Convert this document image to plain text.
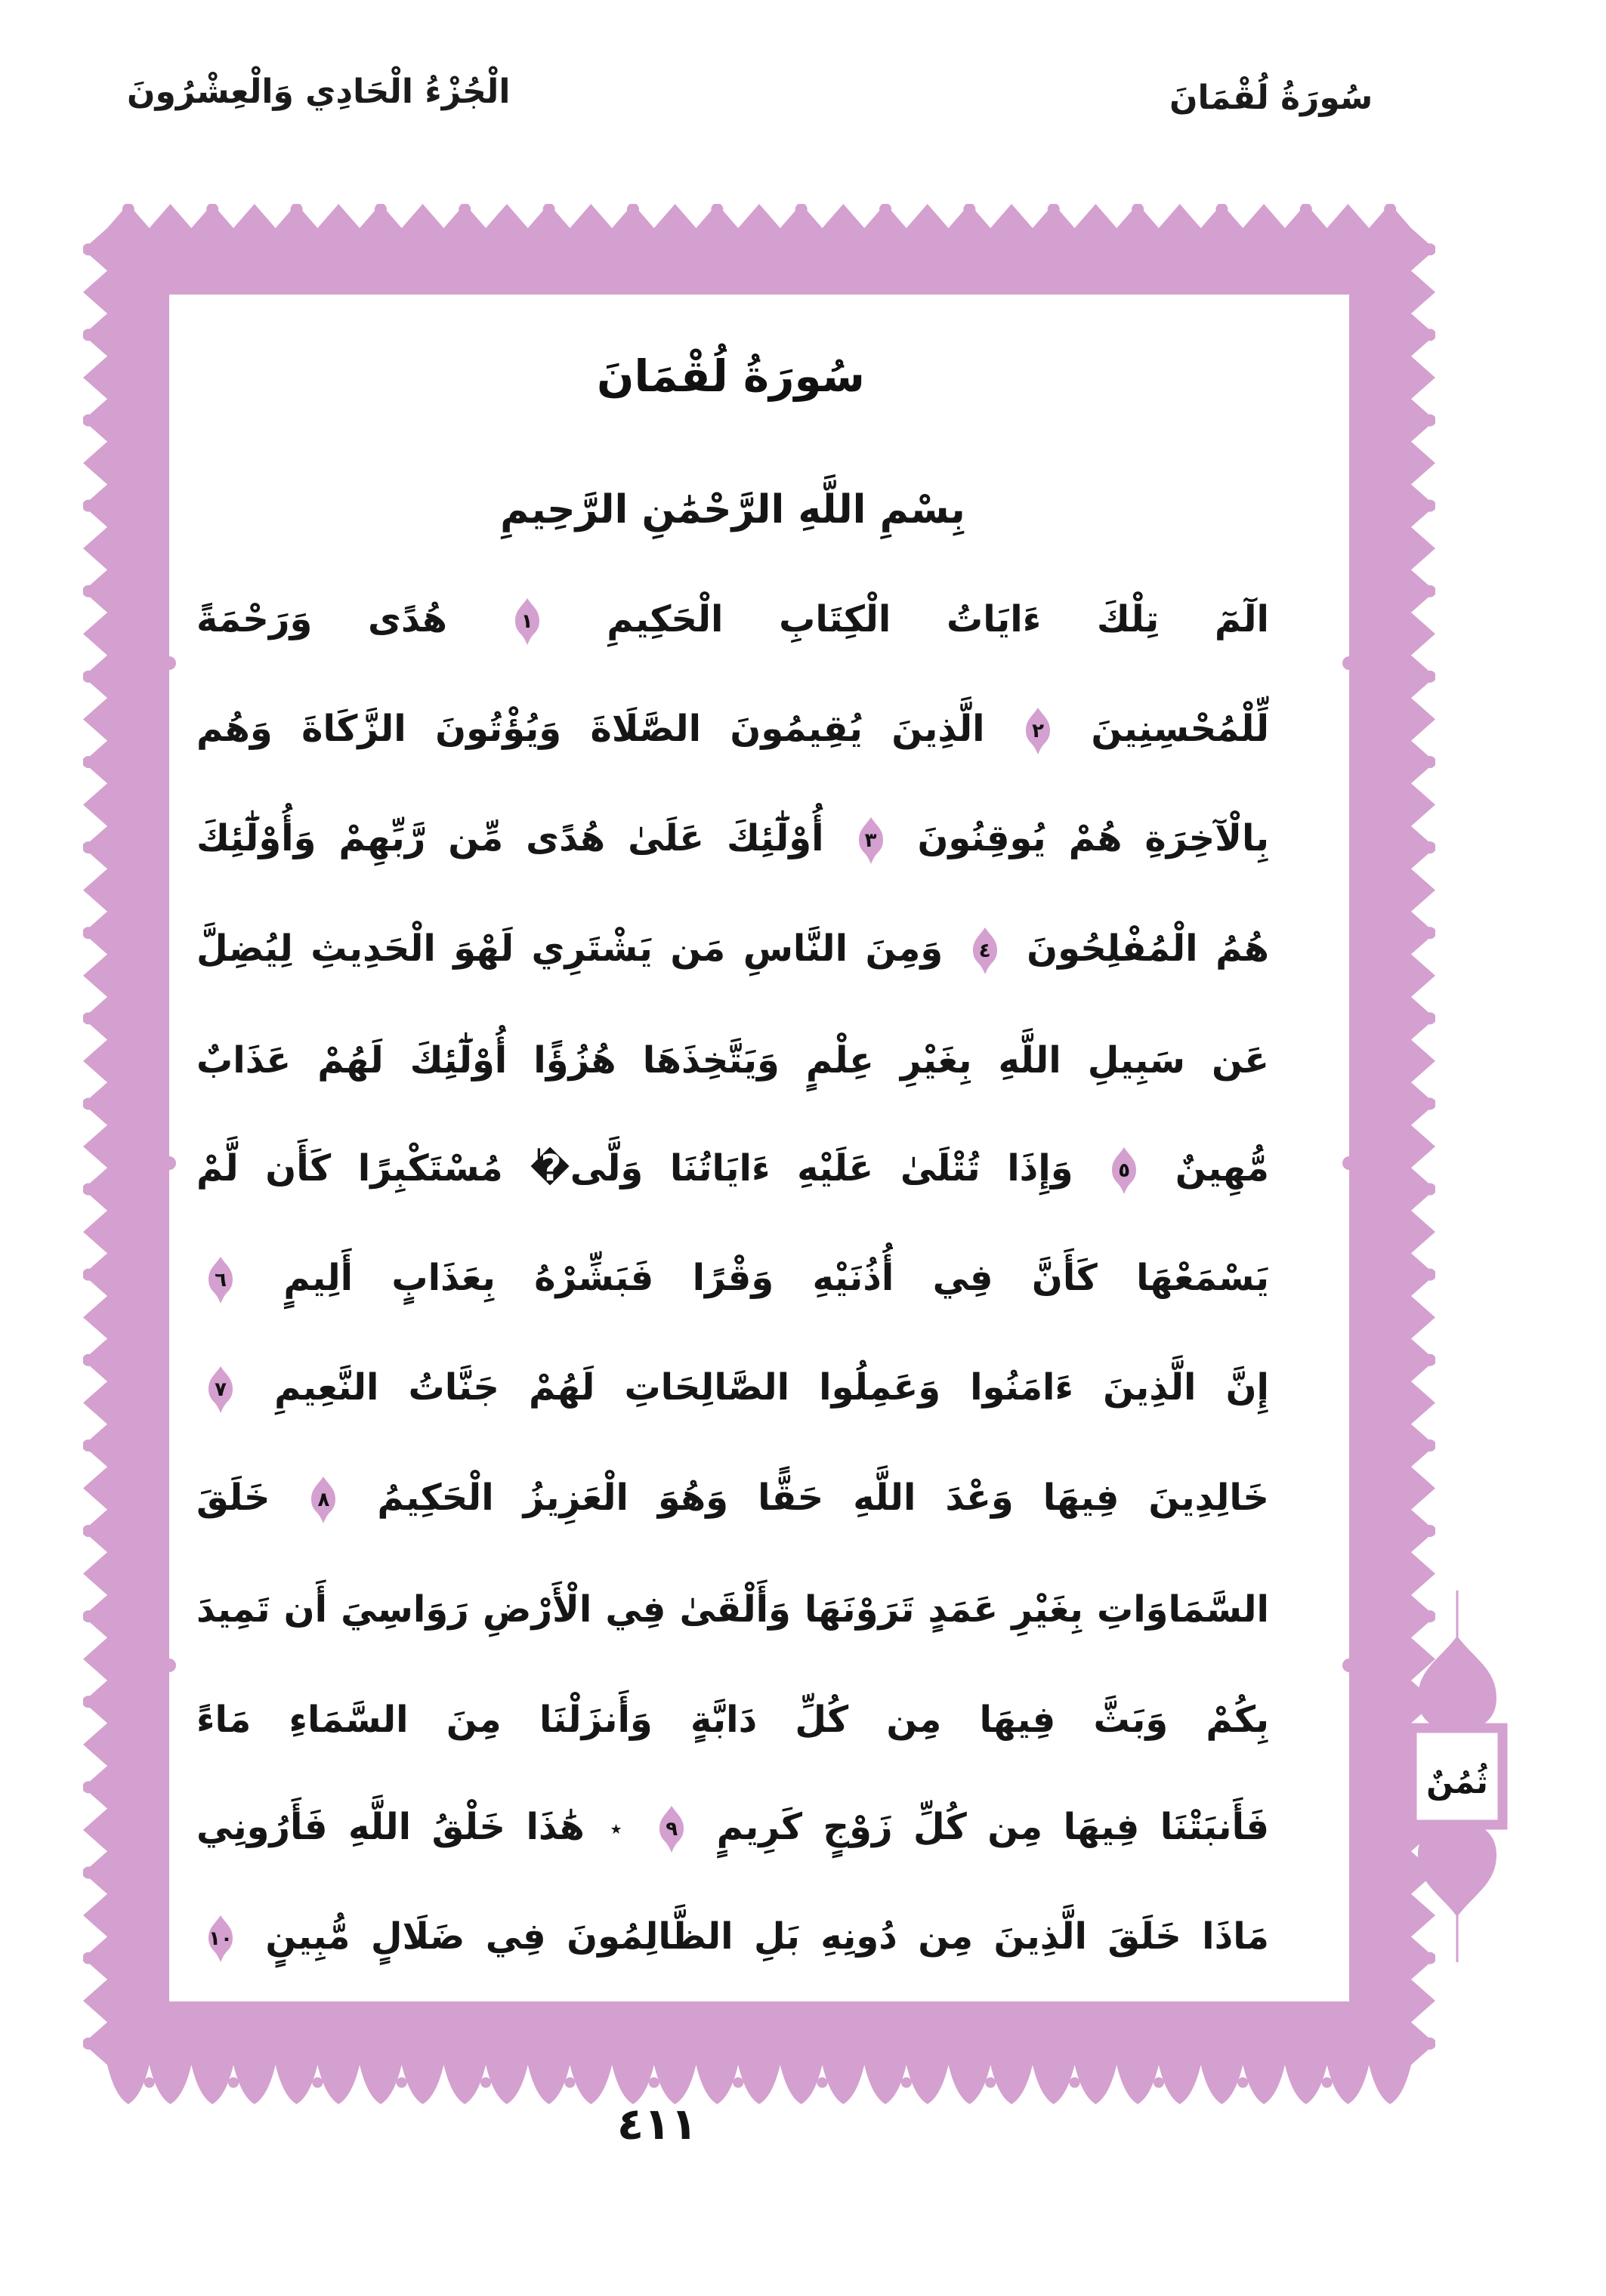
الْجُزْءُ الْحَادِي وَالْعِشْرُونَ	سُورَةُ لُقْمَانَ
سُورَةُ لُقْمَانَ
بِسْمِ اللَّهِ الرَّحْمَٰنِ الرَّحِيمِ
الٓمٓ تِلْكَ ءَايَاتُ الْكِتَابِ الْحَكِيمِ
١
هُدًى وَرَحْمَةً
لِّلْمُحْسِنِينَ
٢
الَّذِينَ يُقِيمُونَ الصَّلَاةَ وَيُؤْتُونَ الزَّكَاةَ وَهُم
بِالْآخِرَةِ هُمْ يُوقِنُونَ
٣
أُوْلَٰٓئِكَ عَلَىٰ هُدًى مِّن رَّبِّهِمْ وَأُوْلَٰٓئِكَ
هُمُ الْمُفْلِحُونَ
٤
وَمِنَ النَّاسِ مَن يَشْتَرِي لَهْوَ الْحَدِيثِ لِيُضِلَّ
عَن سَبِيلِ اللَّهِ بِغَيْرِ عِلْمٍ وَيَتَّخِذَهَا هُزُؤًا أُوْلَٰٓئِكَ لَهُمْ عَذَابٌ
مُّهِينٌ
٥
وَإِذَا تُتْلَىٰ عَلَيْهِ ءَايَاتُنَا وَلَّى�ٰ مُسْتَكْبِرًا كَأَن لَّمْ
يَسْمَعْهَا كَأَنَّ فِي أُذُنَيْهِ وَقْرًا فَبَشِّرْهُ بِعَذَابٍ أَلِيمٍ
٦
إِنَّ الَّذِينَ ءَامَنُوا وَعَمِلُوا الصَّالِحَاتِ لَهُمْ جَنَّاتُ النَّعِيمِ
٧
خَالِدِينَ فِيهَا وَعْدَ اللَّهِ حَقًّا وَهُوَ الْعَزِيزُ الْحَكِيمُ
٨
خَلَقَ
السَّمَاوَاتِ بِغَيْرِ عَمَدٍ تَرَوْنَهَا وَأَلْقَىٰ فِي الْأَرْضِ رَوَاسِيَ أَن تَمِيدَ
بِكُمْ وَبَثَّ فِيهَا مِن كُلِّ دَابَّةٍ وَأَنزَلْنَا مِنَ السَّمَاءِ مَاءً
فَأَنبَتْنَا فِيهَا مِن كُلِّ زَوْجٍ كَرِيمٍ
٩
٭ هَٰذَا خَلْقُ اللَّهِ فَأَرُونِي
مَاذَا خَلَقَ الَّذِينَ مِن دُونِهِ بَلِ الظَّالِمُونَ فِي ضَلَالٍ مُّبِينٍ
١٠
ثُمُنٌ
٤١١
